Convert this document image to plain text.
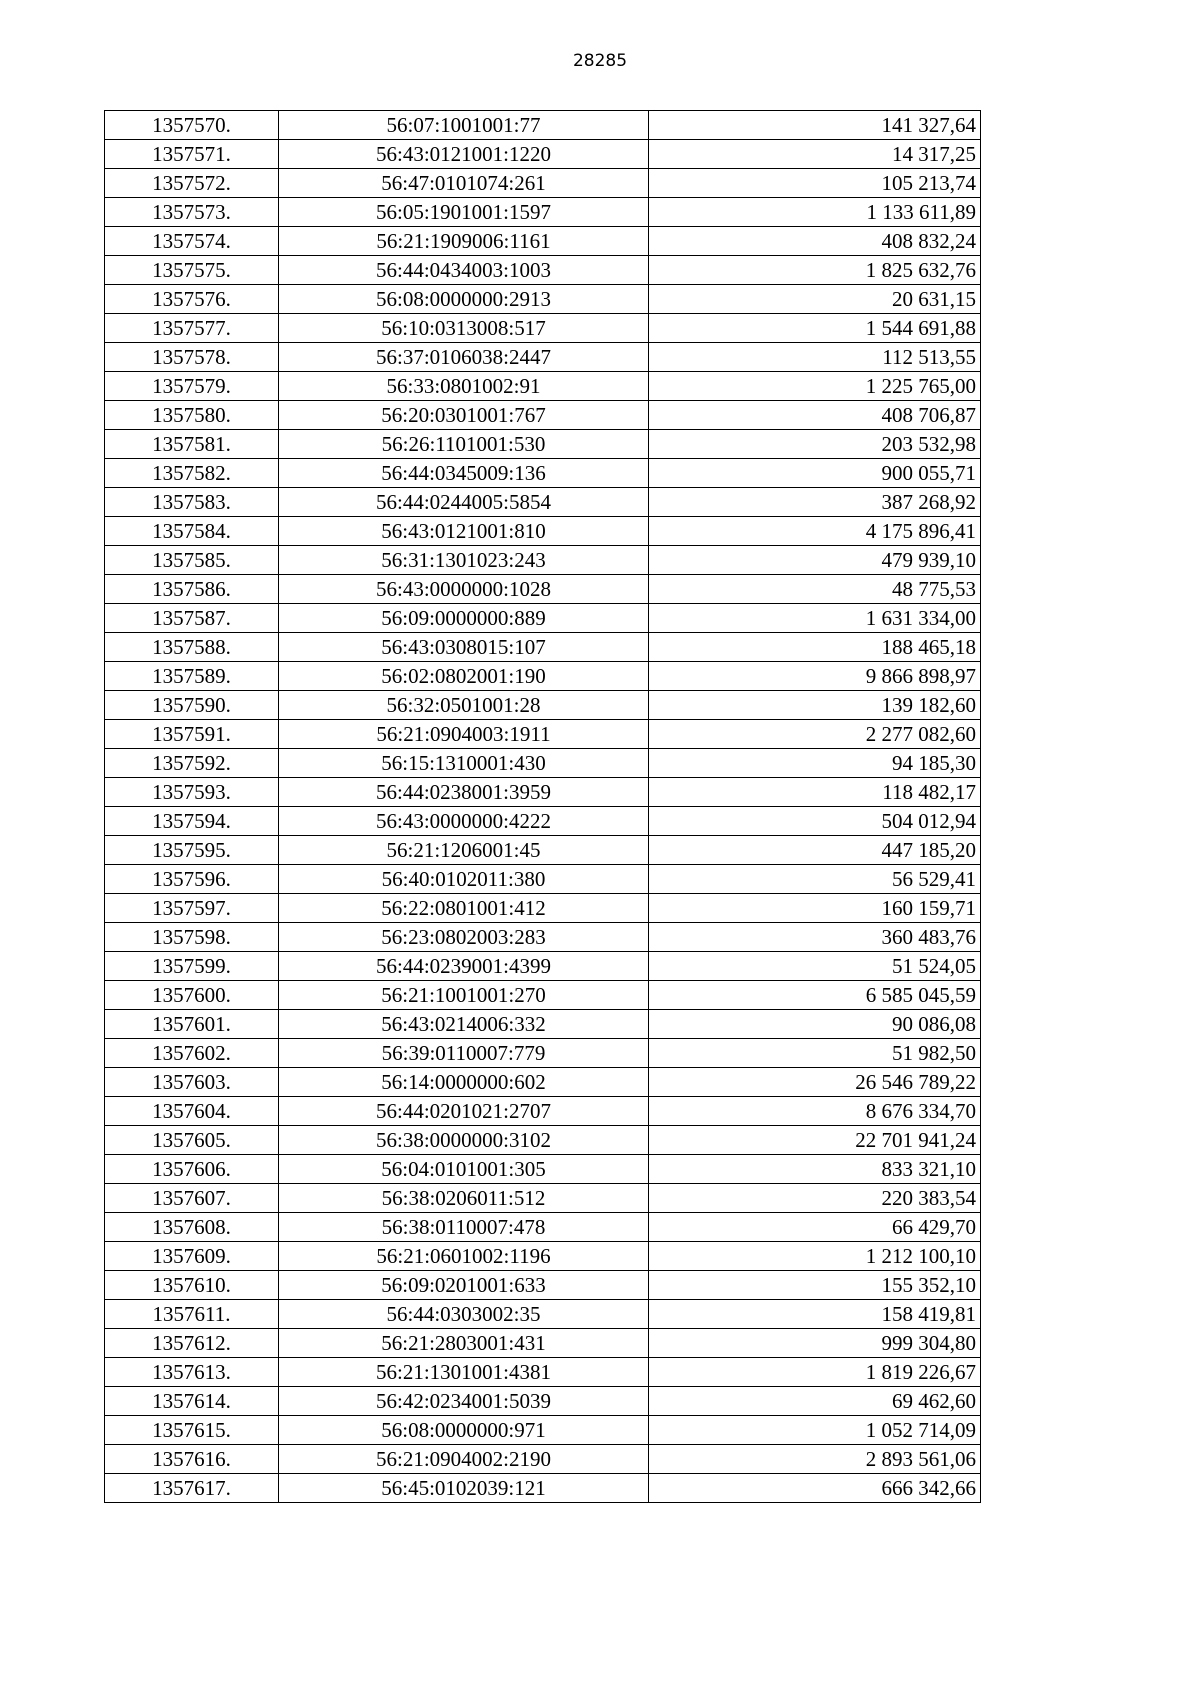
28285
1357570.	56:07:1001001:77	141 327,64
1357571.	56:43:0121001:1220	14 317,25
1357572.	56:47:0101074:261	105 213,74
1357573.	56:05:1901001:1597	1 133 611,89
1357574.	56:21:1909006:1161	408 832,24
1357575.	56:44:0434003:1003	1 825 632,76
1357576.	56:08:0000000:2913	20 631,15
1357577.	56:10:0313008:517	1 544 691,88
1357578.	56:37:0106038:2447	112 513,55
1357579.	56:33:0801002:91	1 225 765,00
1357580.	56:20:0301001:767	408 706,87
1357581.	56:26:1101001:530	203 532,98
1357582.	56:44:0345009:136	900 055,71
1357583.	56:44:0244005:5854	387 268,92
1357584.	56:43:0121001:810	4 175 896,41
1357585.	56:31:1301023:243	479 939,10
1357586.	56:43:0000000:1028	48 775,53
1357587.	56:09:0000000:889	1 631 334,00
1357588.	56:43:0308015:107	188 465,18
1357589.	56:02:0802001:190	9 866 898,97
1357590.	56:32:0501001:28	139 182,60
1357591.	56:21:0904003:1911	2 277 082,60
1357592.	56:15:1310001:430	94 185,30
1357593.	56:44:0238001:3959	118 482,17
1357594.	56:43:0000000:4222	504 012,94
1357595.	56:21:1206001:45	447 185,20
1357596.	56:40:0102011:380	56 529,41
1357597.	56:22:0801001:412	160 159,71
1357598.	56:23:0802003:283	360 483,76
1357599.	56:44:0239001:4399	51 524,05
1357600.	56:21:1001001:270	6 585 045,59
1357601.	56:43:0214006:332	90 086,08
1357602.	56:39:0110007:779	51 982,50
1357603.	56:14:0000000:602	26 546 789,22
1357604.	56:44:0201021:2707	8 676 334,70
1357605.	56:38:0000000:3102	22 701 941,24
1357606.	56:04:0101001:305	833 321,10
1357607.	56:38:0206011:512	220 383,54
1357608.	56:38:0110007:478	66 429,70
1357609.	56:21:0601002:1196	1 212 100,10
1357610.	56:09:0201001:633	155 352,10
1357611.	56:44:0303002:35	158 419,81
1357612.	56:21:2803001:431	999 304,80
1357613.	56:21:1301001:4381	1 819 226,67
1357614.	56:42:0234001:5039	69 462,60
1357615.	56:08:0000000:971	1 052 714,09
1357616.	56:21:0904002:2190	2 893 561,06
1357617.	56:45:0102039:121	666 342,66
